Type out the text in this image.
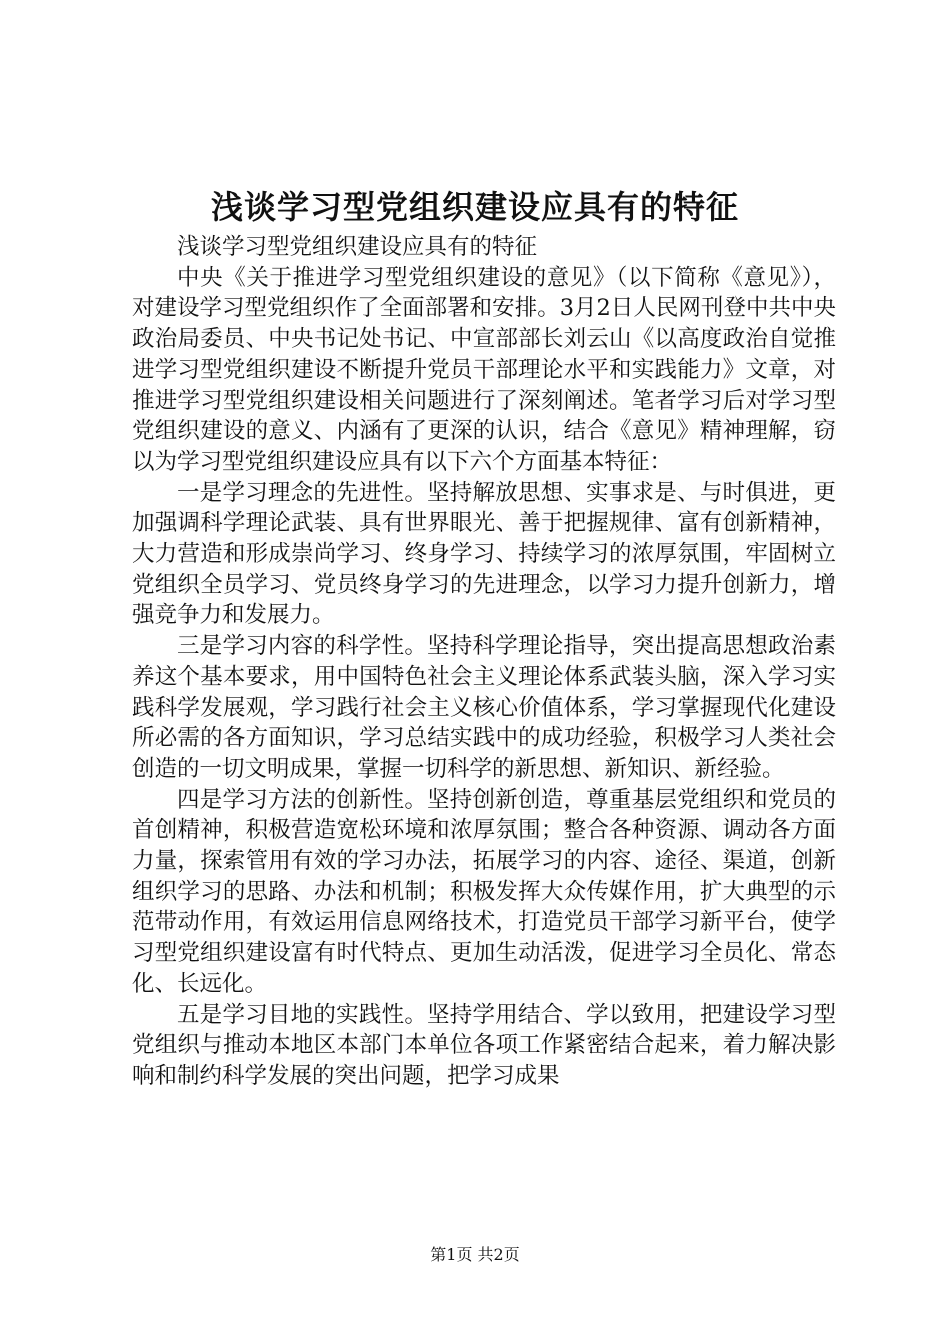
浅谈学习型党组织建设应具有的特征

浅谈学习型党组织建设应具有的特征

中央《关于推进学习型党组织建设的意见》（以下简称《意见》），对建设学习型党组织作了全面部署和安排。3月2日人民网刊登中共中央政治局委员、中央书记处书记、中宣部部长刘云山《以高度政治自觉推进学习型党组织建设不断提升党员干部理论水平和实践能力》文章，对推进学习型党组织建设相关问题进行了深刻阐述。笔者学习后对学习型党组织建设的意义、内涵有了更深的认识，结合《意见》精神理解，窃以为学习型党组织建设应具有以下六个方面基本特征：

一是学习理念的先进性。坚持解放思想、实事求是、与时俱进，更加强调科学理论武装、具有世界眼光、善于把握规律、富有创新精神，大力营造和形成崇尚学习、终身学习、持续学习的浓厚氛围，牢固树立党组织全员学习、党员终身学习的先进理念，以学习力提升创新力，增强竞争力和发展力。

三是学习内容的科学性。坚持科学理论指导，突出提高思想政治素养这个基本要求，用中国特色社会主义理论体系武装头脑，深入学习实践科学发展观，学习践行社会主义核心价值体系，学习掌握现代化建设所必需的各方面知识，学习总结实践中的成功经验，积极学习人类社会创造的一切文明成果，掌握一切科学的新思想、新知识、新经验。

四是学习方法的创新性。坚持创新创造，尊重基层党组织和党员的首创精神，积极营造宽松环境和浓厚氛围；整合各种资源、调动各方面力量，探索管用有效的学习办法，拓展学习的内容、途径、渠道，创新组织学习的思路、办法和机制；积极发挥大众传媒作用，扩大典型的示范带动作用，有效运用信息网络技术，打造党员干部学习新平台，使学习型党组织建设富有时代特点、更加生动活泼，促进学习全员化、常态化、长远化。

五是学习目地的实践性。坚持学用结合、学以致用，把建设学习型党组织与推动本地区本部门本单位各项工作紧密结合起来，着力解决影响和制约科学发展的突出问题，把学习成果

第1页 共2页
